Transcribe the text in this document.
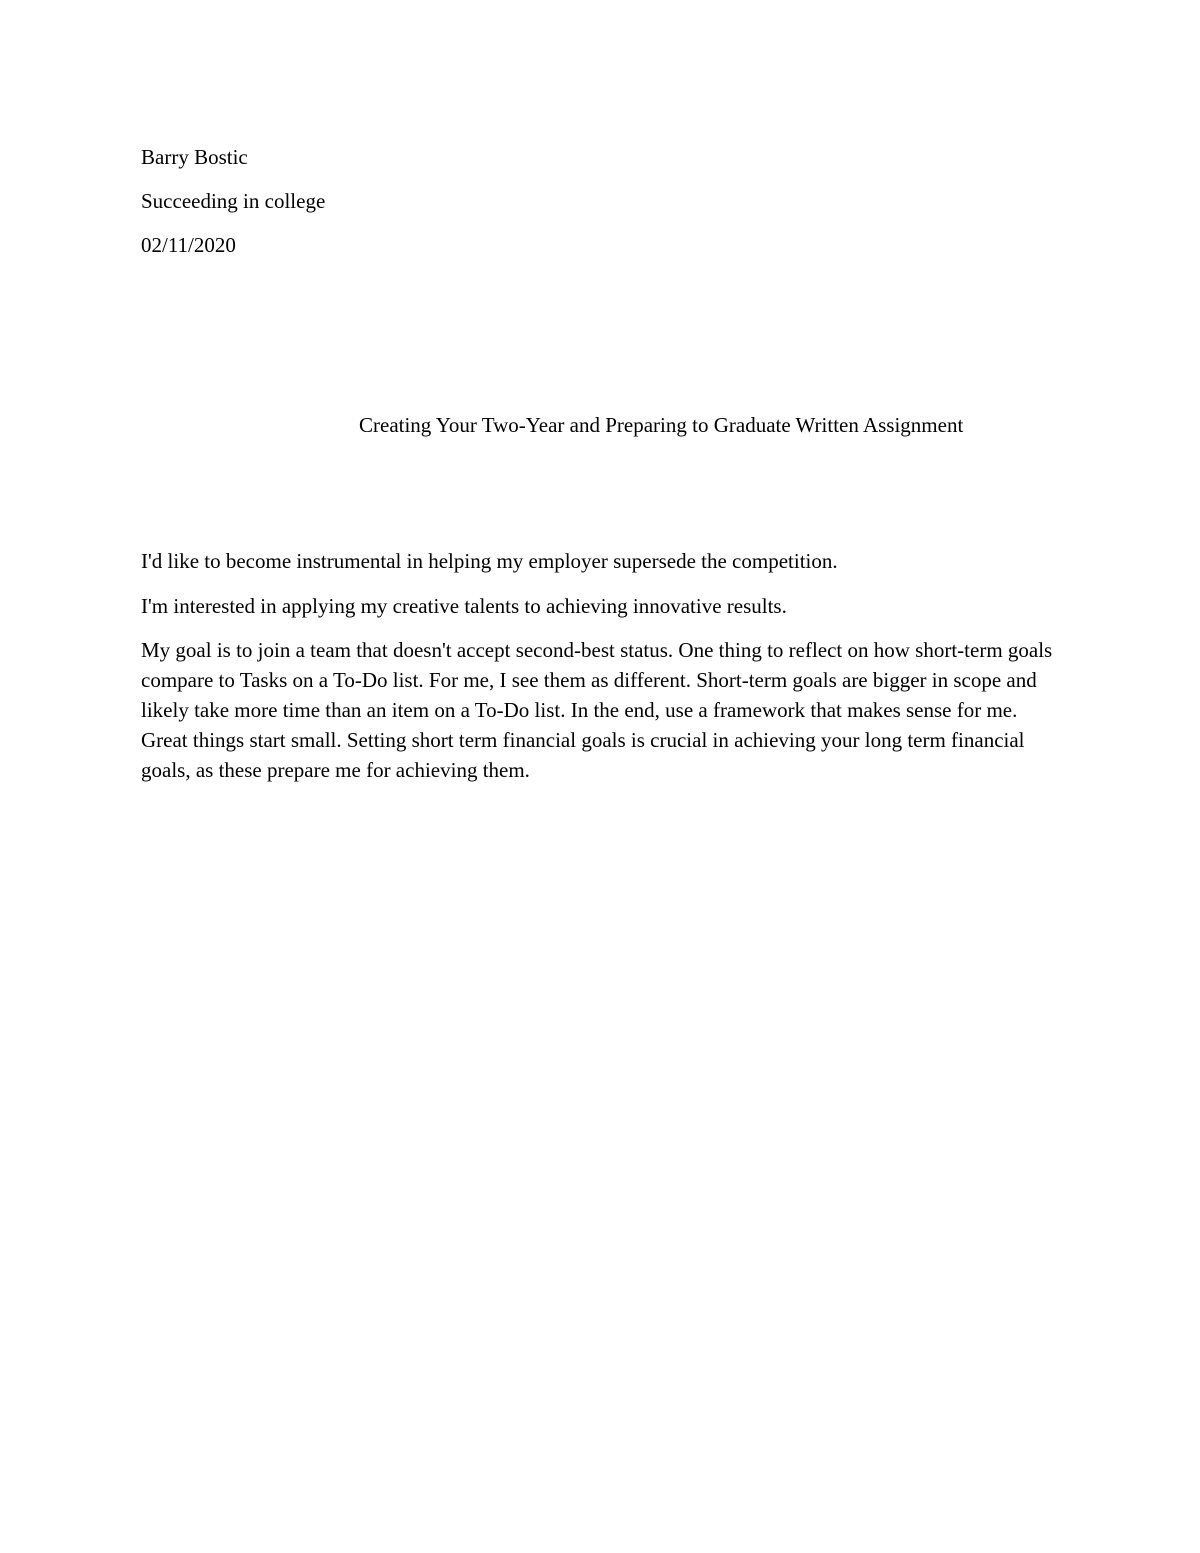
Barry Bostic
Succeeding in college
02/11/2020
Creating Your Two-Year and Preparing to Graduate Written Assignment

I'd like to become instrumental in helping my employer supersede the competition.

I'm interested in applying my creative talents to achieving innovative results.

My goal is to join a team that doesn't accept second-best status. One thing to reflect on how short-term goals compare to Tasks on a To-Do list. For me, I see them as different. Short-term goals are bigger in scope and likely take more time than an item on a To-Do list. In the end, use a framework that makes sense for me. Great things start small. Setting short term financial goals is crucial in achieving your long term financial goals, as these prepare me for achieving them.
